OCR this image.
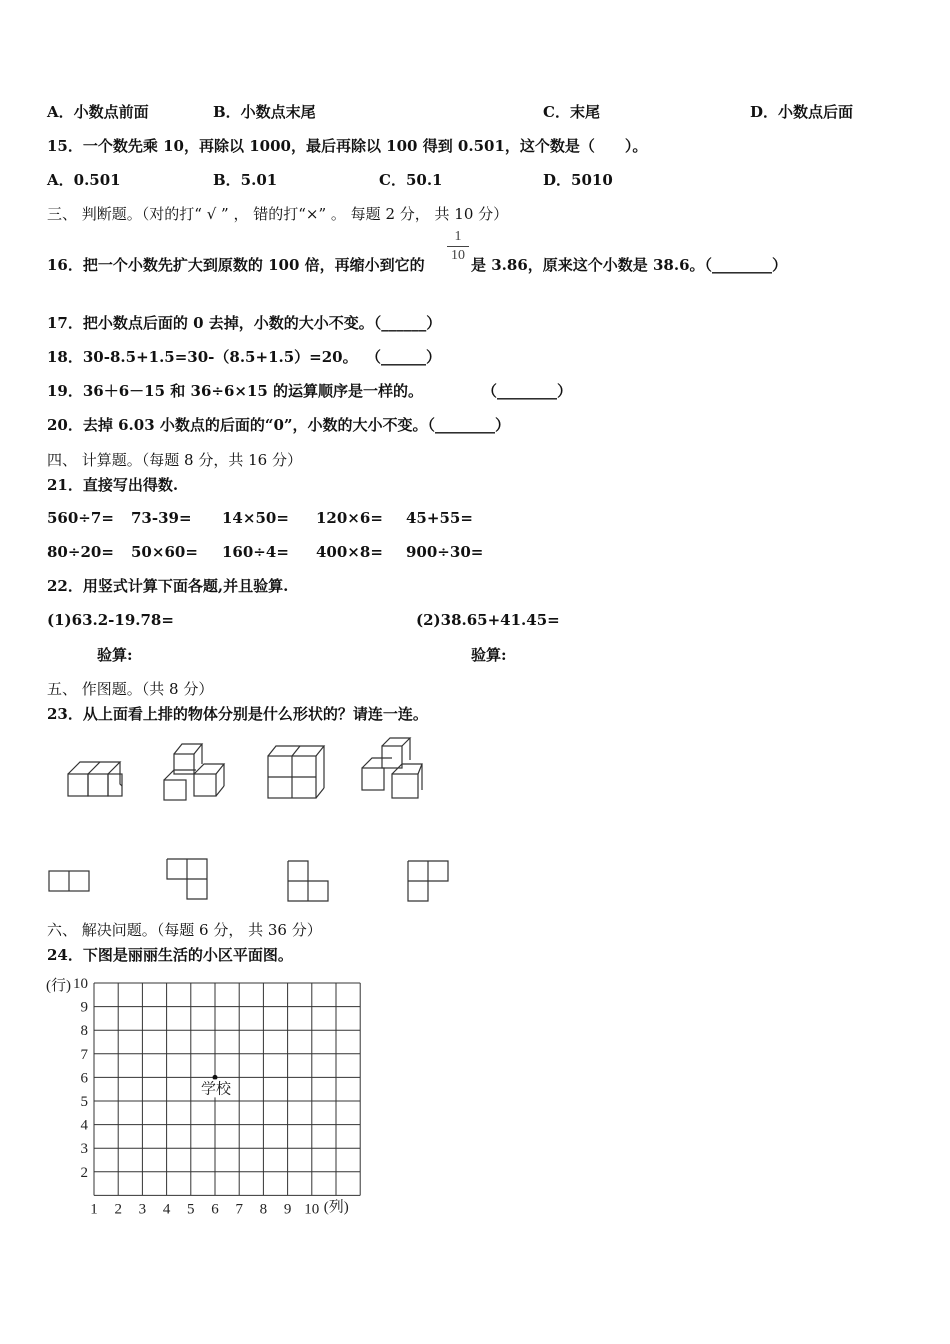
A．小数点前面	B．小数点末尾	C．末尾	D．小数点后面
15．一个数先乘 10，再除以 1000，最后再除以 100 得到 0.501，这个数是（　　）。
A．0.501	B．5.01	C．50.1	D．5010
三、 判断题。（对的打“ √ ” ， 错的打“×” 。 每题 2 分， 共 10 分）
16．把一个小数先扩大到原数的 100 倍，再缩小到它的
1
10
是 3.86，原来这个小数是 38.6。（________）
17．把小数点后面的 0 去掉，小数的大小不变。（______）
18．30-8.5+1.5=30-（8.5+1.5）=20。 （______）
19．36＋6－15 和 36÷6×15 的运算顺序是一样的。	（________）
20．去掉 6.03 小数点的后面的“0”，小数的大小不变。（________）
四、 计算题。（每题 8 分，共 16 分）
21．直接写出得数.
560÷7= 73-39= 14×50= 120×6= 45+55=
80÷20= 50×60= 160÷4= 400×8= 900÷30=
22．用竖式计算下面各题,并且验算.
(1)63.2-19.78=	(2)38.65+41.45=
验算:	验算:
五、 作图题。（共 8 分）
23．从上面看上排的物体分别是什么形状的？请连一连。
六、 解决问题。（每题 6 分， 共 36 分）
24．下图是丽丽生活的小区平面图。
(行) 10
9
8
7
6
5
4
3
2
1 2 3 4 5 6 7 8 9 10 (列)
学校
